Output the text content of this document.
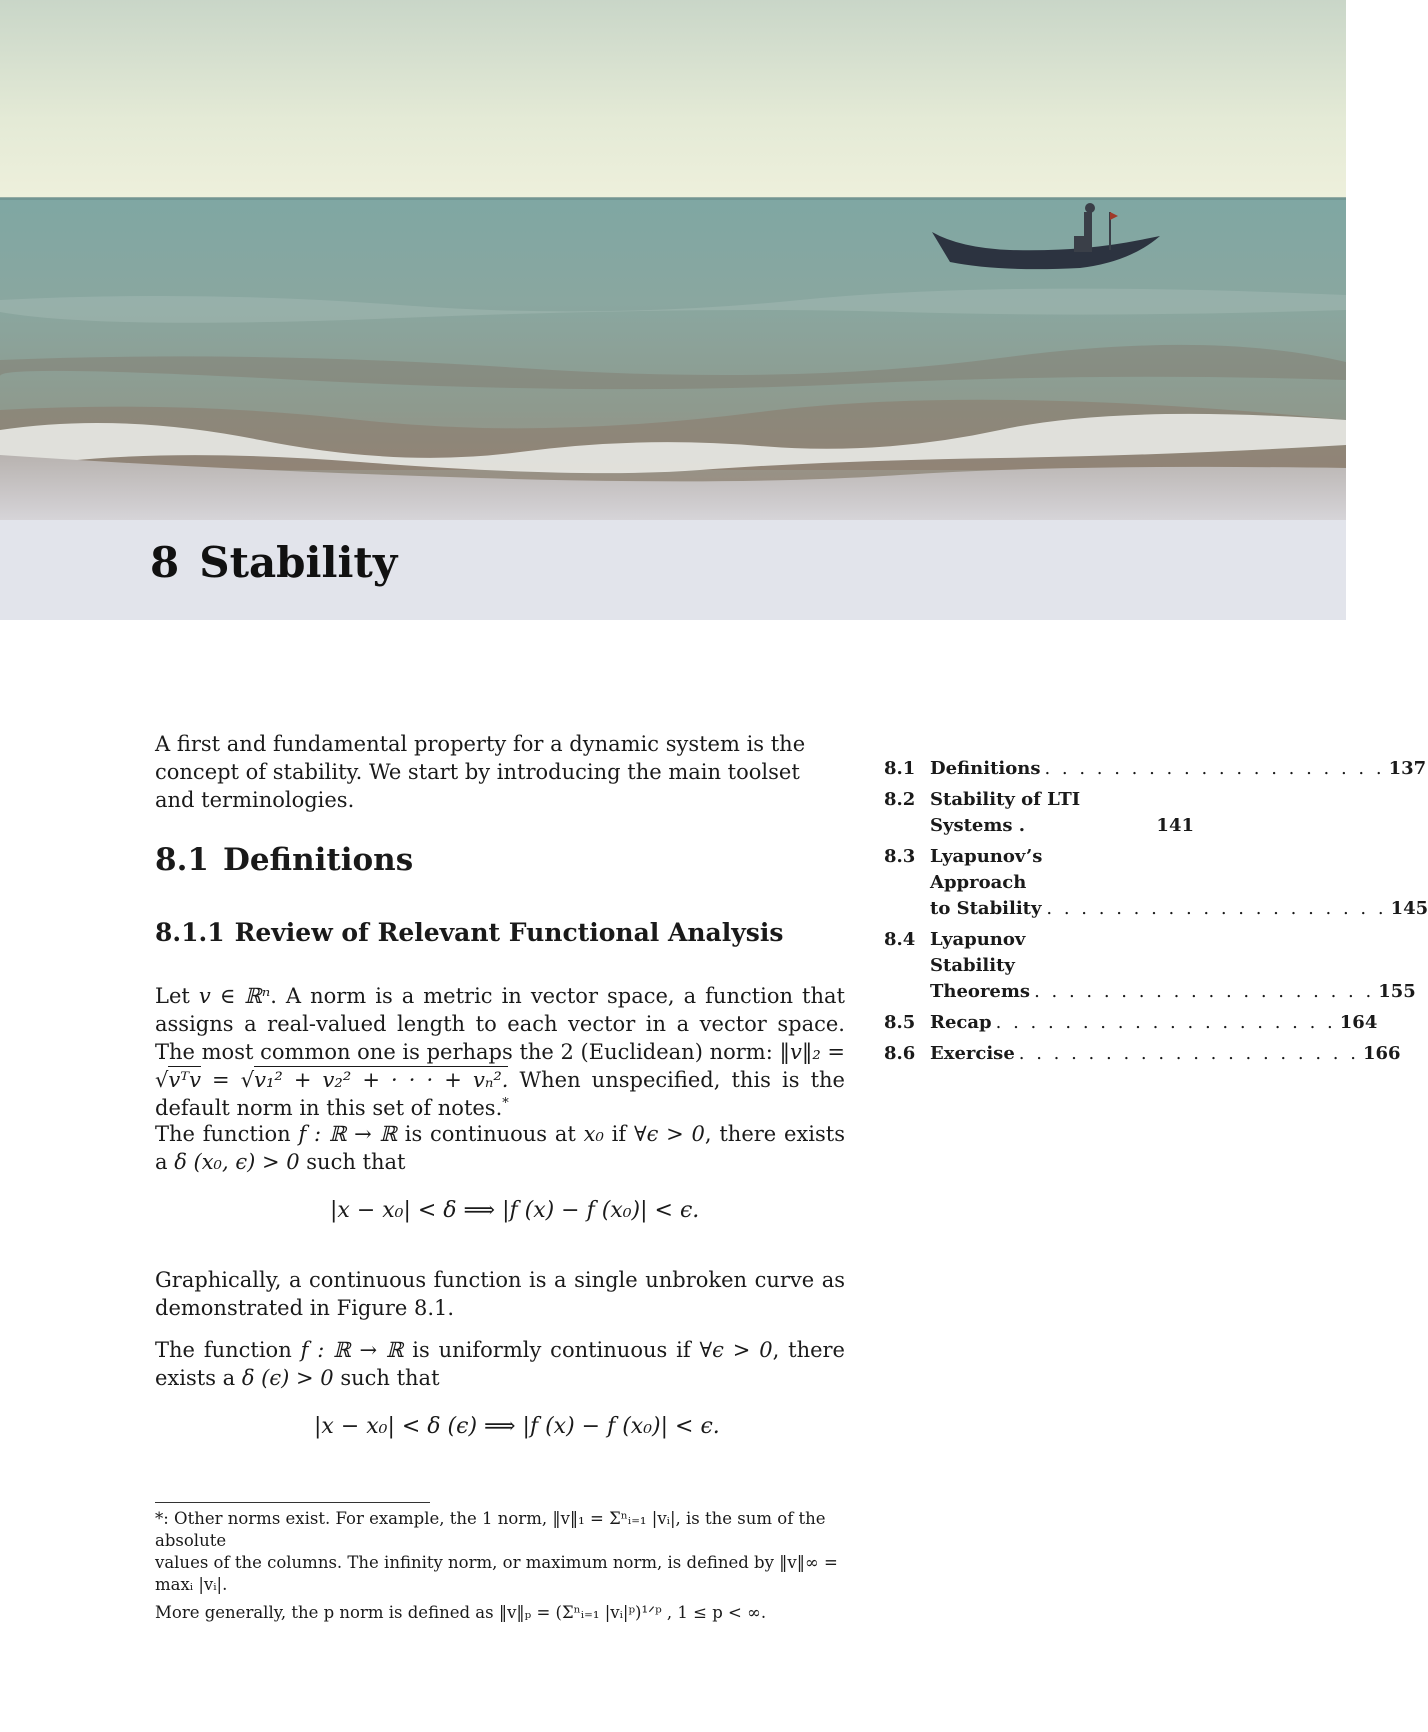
8 Stability

A first and fundamental property for a dynamic system is the concept of stability. We start by introducing the main toolset and terminologies.

8.1 Definitions
8.1.1 Review of Relevant Functional Analysis

Let v ∈ ℝⁿ. A norm is a metric in vector space, a function that assigns a real-valued length to each vector in a vector space. The most common one is perhaps the 2 (Euclidean) norm: ‖v‖₂ = √vᵀv = √v₁² + v₂² + · · · + vₙ². When unspecified, this is the default norm in this set of notes.*

The function f : ℝ → ℝ is continuous at x₀ if ∀ϵ > 0, there exists a δ (x₀, ϵ) > 0 such that

|x − x₀| < δ ⟹ |f (x) − f (x₀)| < ϵ.

Graphically, a continuous function is a single unbroken curve as demonstrated in Figure 8.1.

The function f : ℝ → ℝ is uniformly continuous if ∀ϵ > 0, there exists a δ (ϵ) > 0 such that

|x − x₀| < δ (ϵ) ⟹ |f (x) − f (x₀)| < ϵ.

*: Other norms exist. For example, the 1 norm, ‖v‖₁ = Σⁿᵢ₌₁ |vᵢ|, is the sum of the absolute

values of the columns. The infinity norm, or maximum norm, is defined by ‖v‖∞ = maxᵢ |vᵢ|.

More generally, the p norm is defined as ‖v‖ₚ = (Σⁿᵢ₌₁ |vᵢ|ᵖ)¹ᐟᵖ , 1 ≤ p < ∞.

8.1 Definitions . . . . . . . . . . . . . . . . . . . . 137
8.2 Stability of LTI Systems .	141
8.3 Lyapunov’s Approach to Stability . . . . . . . . . . . . . . . . . . . . 145
8.4 Lyapunov Stability Theorems . . . . . . . . . . . . . . . . . . . . 155
8.5 Recap . . . . . . . . . . . . . . . . . . . . 164
8.6 Exercise . . . . . . . . . . . . . . . . . . . . 166
